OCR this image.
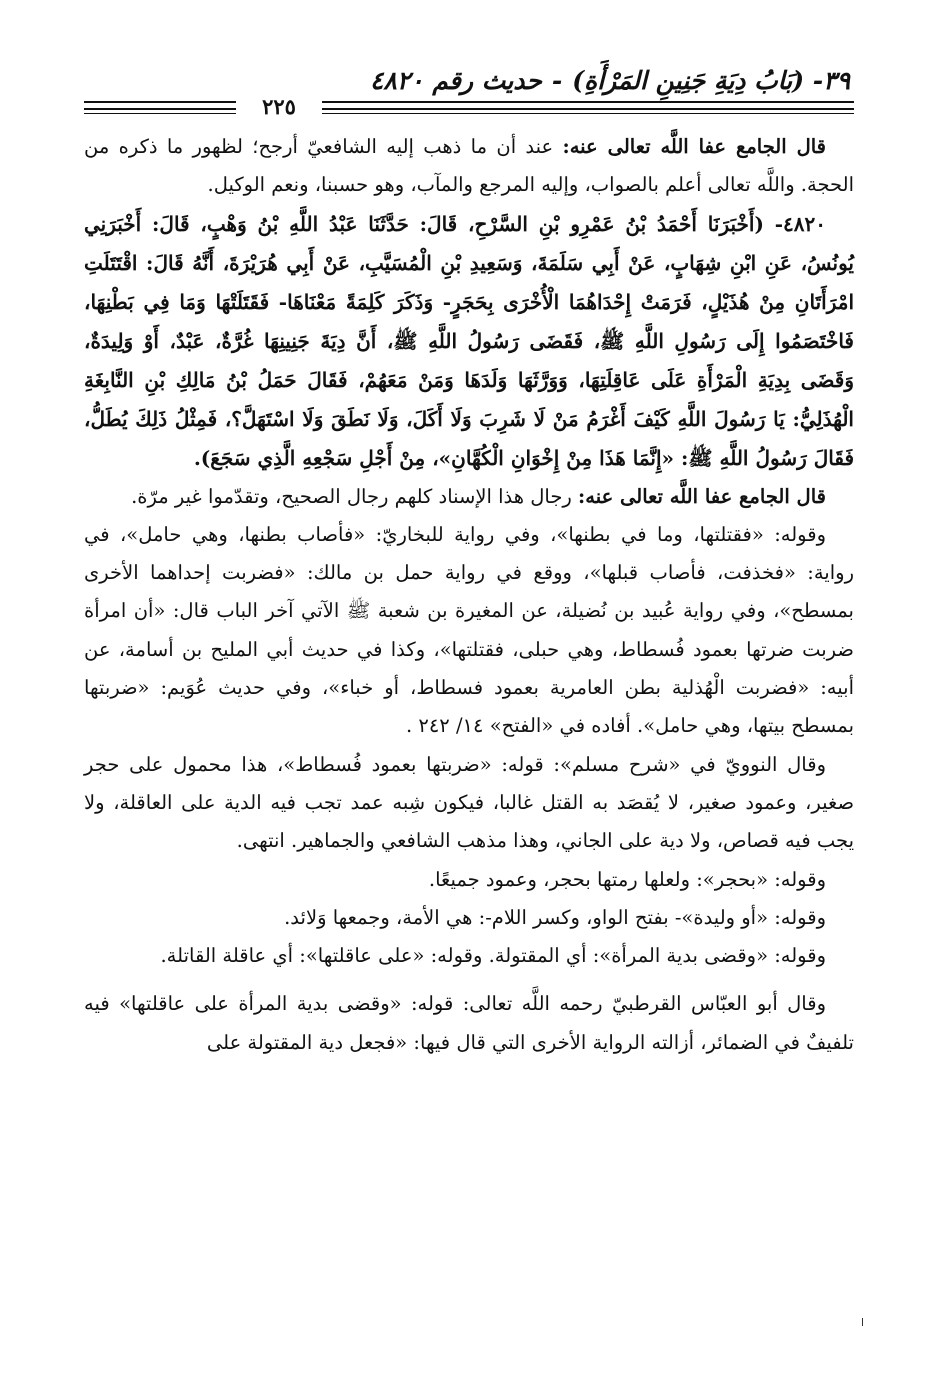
٣٩- (بَابُ دِيَةِ جَنِينِ المَرْأَةِ)
-
حديث رقم ٤٨٢٠
٢٢٥

قال الجامع عفا اللَّه تعالى عنه: عند أن ما ذهب إليه الشافعيّ أرجح؛ لظهور ما ذكره من الحجة. واللَّه تعالى أعلم بالصواب، وإليه المرجع والمآب، وهو حسبنا، ونعم الوكيل.

٤٨٢٠- (أَخْبَرَنَا أَحْمَدُ بْنُ عَمْرِو بْنِ السَّرْحِ، قَالَ: حَدَّثَنَا عَبْدُ اللَّهِ بْنُ وَهْبٍ، قَالَ: أَخْبَرَنِي يُونُسُ، عَنِ ابْنِ شِهَابٍ، عَنْ أَبِي سَلَمَةَ، وَسَعِيدِ بْنِ الْمُسَيَّبِ، عَنْ أَبِي هُرَيْرَةَ، أَنَّهُ قَالَ: اقْتَتَلَتِ امْرَأَتَانِ مِنْ هُذَيْلٍ، فَرَمَتْ إِحْدَاهُمَا الْأُخْرَى بِحَجَرٍ- وَذَكَرَ كَلِمَةً مَعْنَاهَا- فَقَتَلَتْهَا وَمَا فِي بَطْنِهَا، فَاخْتَصَمُوا إِلَى رَسُولِ اللَّهِ ﷺ، فَقَضَى رَسُولُ اللَّهِ ﷺ، أَنَّ دِيَةَ جَنِينِهَا غُرَّةٌ، عَبْدٌ، أَوْ وَلِيدَةٌ، وَقَضَى بِدِيَةِ الْمَرْأَةِ عَلَى عَاقِلَتِهَا، وَوَرَّثَهَا وَلَدَهَا وَمَنْ مَعَهُمْ، فَقَالَ حَمَلُ بْنُ مَالِكِ بْنِ النَّابِغَةِ الْهُذَلِيُّ: يَا رَسُولَ اللَّهِ كَيْفَ أَغْرَمُ مَنْ لَا شَرِبَ وَلَا أَكَلَ، وَلَا نَطَقَ وَلَا اسْتَهَلَّ؟، فَمِثْلُ ذَلِكَ يُطَلُّ، فَقَالَ رَسُولُ اللَّهِ ﷺ: «إِنَّمَا هَذَا مِنْ إِخْوَانِ الْكُهَّانِ»، مِنْ أَجْلِ سَجْعِهِ الَّذِي سَجَعَ).

قال الجامع عفا اللَّه تعالى عنه: رجال هذا الإسناد كلهم رجال الصحيح، وتقدّموا غير مرّة.

وقوله: «فقتلتها، وما في بطنها»، وفي رواية للبخاريّ: «فأصاب بطنها، وهي حامل»، في رواية: «فخذفت، فأصاب قبلها»، ووقع في رواية حمل بن مالك: «فضربت إحداهما الأخرى بمسطح»، وفي رواية عُبيد بن نُضيلة، عن المغيرة بن شعبة ﷺ الآتي آخر الباب قال: «أن امرأة ضربت ضرتها بعمود فُسطاط، وهي حبلى، فقتلتها»، وكذا في حديث أبي المليح بن أسامة، عن أبيه: «فضربت الْهُذلية بطن العامرية بعمود فسطاط، أو خباء»، وفي حديث عُوَيم: «ضربتها بمسطح بيتها، وهي حامل». أفاده في «الفتح» ١٤/ ٢٤٢ .

وقال النوويّ في «شرح مسلم»: قوله: «ضربتها بعمود فُسطاط»، هذا محمول على حجر صغير، وعمود صغير، لا يُقصَد به القتل غالبا، فيكون شِبه عمد تجب فيه الدية على العاقلة، ولا يجب فيه قصاص، ولا دية على الجاني، وهذا مذهب الشافعي والجماهير. انتهى.

وقوله: «بحجر»: ولعلها رمتها بحجر، وعمود جميعًا.

وقوله: «أو وليدة»- بفتح الواو، وكسر اللام-: هي الأمة، وجمعها وَلائد.

وقوله: «وقضى بدية المرأة»: أي المقتولة. وقوله: «على عاقلتها»: أي عاقلة القاتلة.

وقال أبو العبّاس القرطبيّ رحمه اللَّه تعالى: قوله: «وقضى بدية المرأة على عاقلتها» فيه تلفيفٌ في الضمائر، أزالته الرواية الأخرى التي قال فيها: «فجعل دية المقتولة على
